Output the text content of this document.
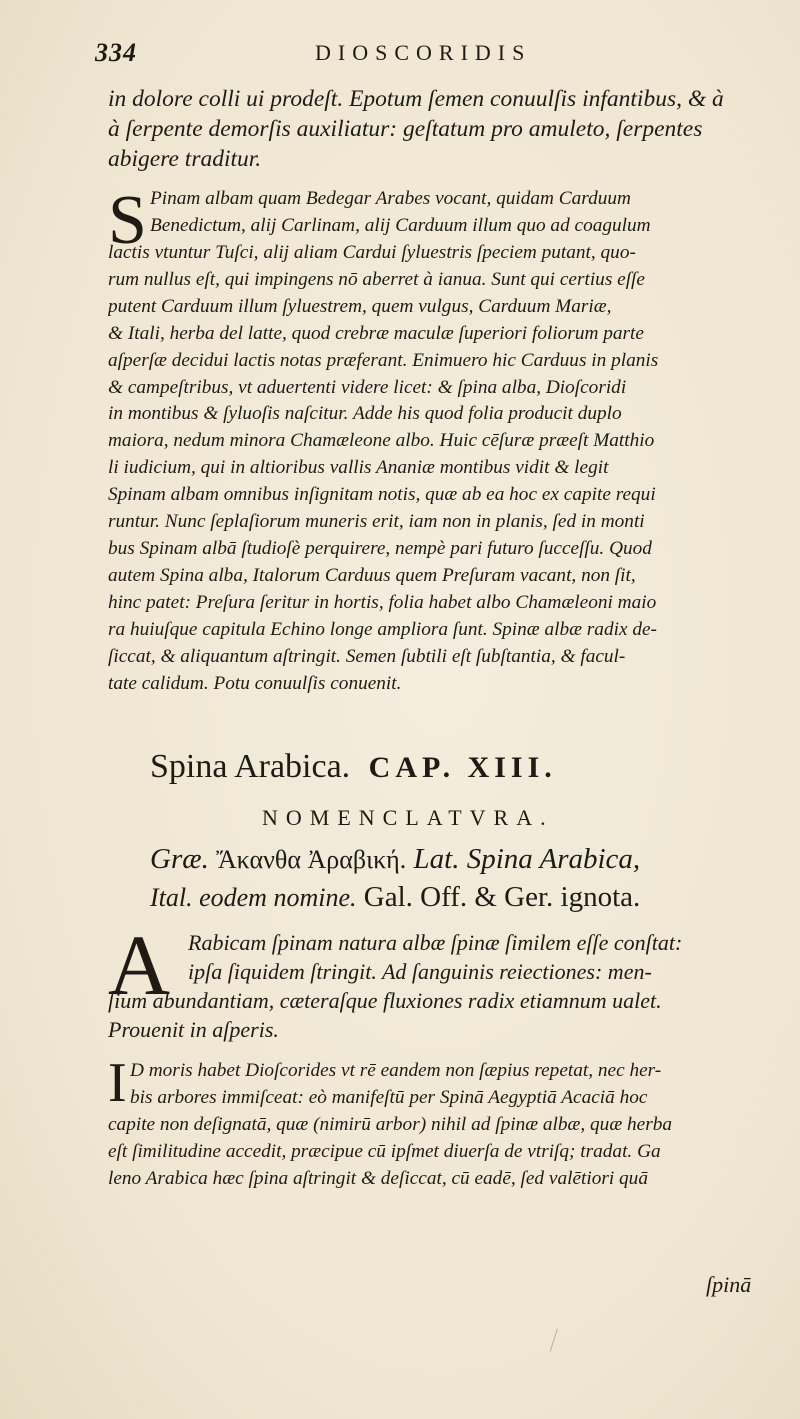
334	DIOSCORIDIS
in dolore colli ui prodeſt. Epotum ſemen conuulſis infantibus, & à
à ſerpente demorſis auxiliatur: geſtatum pro amuleto, ſerpentes
abigere traditur.
S Pinam albam quam Bedegar Arabes vocant, quidam Carduum
Benedictum, alij Carlinam, alij Carduum illum quo ad coagulum
lactis vtuntur Tuſci, alij aliam Cardui ſyluestris ſpeciem putant, quo-
rum nullus eſt, qui impingens nō aberret à ianua. Sunt qui certius eſſe
putent Carduum illum ſyluestrem, quem vulgus, Carduum Mariæ,
& Itali, herba del latte, quod crebræ maculæ ſuperiori foliorum parte
aſperſæ decidui lactis notas præferant. Enimuero hic Carduus in planis
& campeſtribus, vt aduertenti videre licet: & ſpina alba, Dioſcoridi
in montibus & ſyluoſis naſcitur. Adde his quod folia producit duplo
maiora, nedum minora Chamæleone albo. Huic cēſuræ præeſt Matthio
li iudicium, qui in altioribus vallis Ananiæ montibus vidit & legit
Spinam albam omnibus inſignitam notis, quæ ab ea hoc ex capite requi
runtur. Nunc ſeplaſiorum muneris erit, iam non in planis, ſed in monti
bus Spinam albā ſtudioſè perquirere, nempè pari futuro ſucceſſu. Quod
autem Spina alba, Italorum Carduus quem Preſuram vacant, non ſit,
hinc patet: Preſura ſeritur in hortis, folia habet albo Chamæleoni maio
ra huiuſque capitula Echino longe ampliora ſunt. Spinæ albæ radix de-
ſiccat, & aliquantum aſtringit. Semen ſubtili eſt ſubſtantia, & facul-
tate calidum. Potu conuulſis conuenit.
Spina Arabica. CAP. XIII.
NOMENCLATVRA.
Græ. Ἄκανθα Ἀραβική. Lat. Spina Arabica,
Ital. eodem nomine. Gal. Off. & Ger. ignota.
A Rabicam ſpinam natura albæ ſpinæ ſimilem eſſe conſtat:
ipſa ſiquidem ſtringit. Ad ſanguinis reiectiones: men-
ſium abundantiam, cæteraſque fluxiones radix etiamnum ualet.
Prouenit in aſperis.
I D moris habet Dioſcorides vt rē eandem non ſæpius repetat, nec her-
bis arbores immiſceat: eò manifeſtū per Spinā Aegyptiā Acaciā hoc
capite non deſignatā, quæ (nimirū arbor) nihil ad ſpinæ albæ, quæ herba
eſt ſimilitudine accedit, præcipue cū ipſmet diuerſa de vtriſq; tradat. Ga
leno Arabica hæc ſpina aſtringit & deſiccat, cū eadē, ſed valētiori quā
ſpinā
